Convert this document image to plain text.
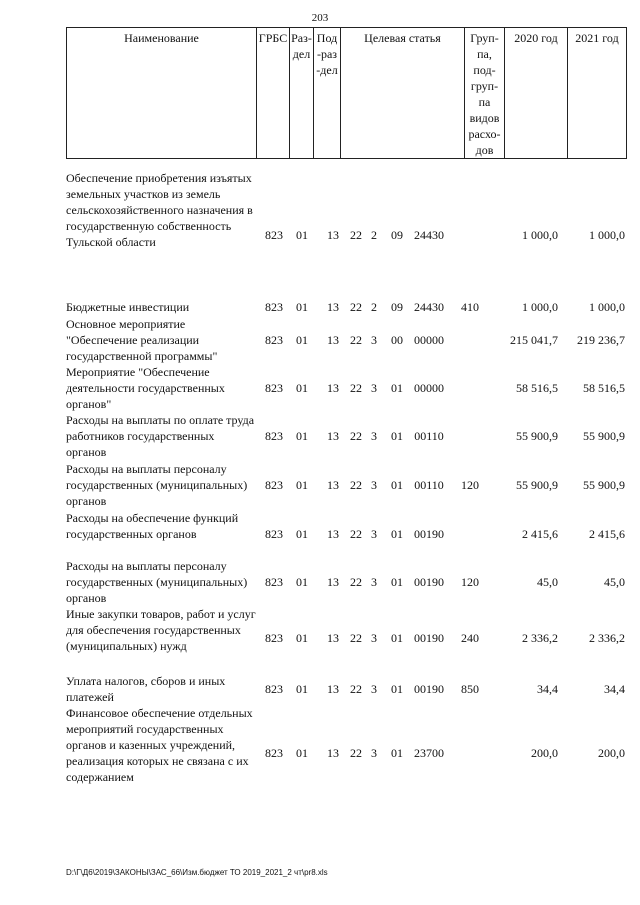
203
Наименование	ГРБС	Раз-дел	Под-раз-дел	Целевая статья	Груп-па, под-груп-па видов расхо-дов	2020 год	2021 год
Обеспечение приобретения изъятых земельных участков из земель сельскохозяйственного назначения в государственную собственность Тульской области	823	01	13 22 2 09 24430	1 000,0	1 000,0
Бюджетные инвестиции	823	01	13 22 2 09 24430	410	1 000,0	1 000,0
Основное мероприятие "Обеспечение реализации государственной программы"
823	01	13 22 3 00 00000	215 041,7	219 236,7
Мероприятие "Обеспечение деятельности государственных органов"
823	01	13 22 3 01 00000	58 516,5	58 516,5
Расходы на выплаты по оплате труда работников государственных органов
823	01	13 22 3 01 00110	55 900,9	55 900,9
Расходы на выплаты персоналу государственных (муниципальных) органов
823	01	13 22 3 01 00110	120	55 900,9	55 900,9
Расходы на обеспечение функций государственных органов	823	01	13 22 3 01 00190	2 415,6	2 415,6
Расходы на выплаты персоналу государственных (муниципальных) органов
823	01	13 22 3 01 00190	120	45,0	45,0
Иные закупки товаров, работ и услуг для обеспечения государственных (муниципальных) нужд
823	01	13 22 3 01 00190	240	2 336,2	2 336,2
Уплата налогов, сборов и иных платежей
823	01	13 22 3 01 00190	850	34,4	34,4
Финансовое обеспечение отдельных мероприятий государственных органов и казенных учреждений, реализация которых не связана с их содержанием
823	01	13 22 3 01 23700	200,0	200,0
D:\Г\Д6\2019\ЗАКОНЫ\ЗАС_66\Изм.бюджет ТО 2019_2021_2 чт\pr8.xls
